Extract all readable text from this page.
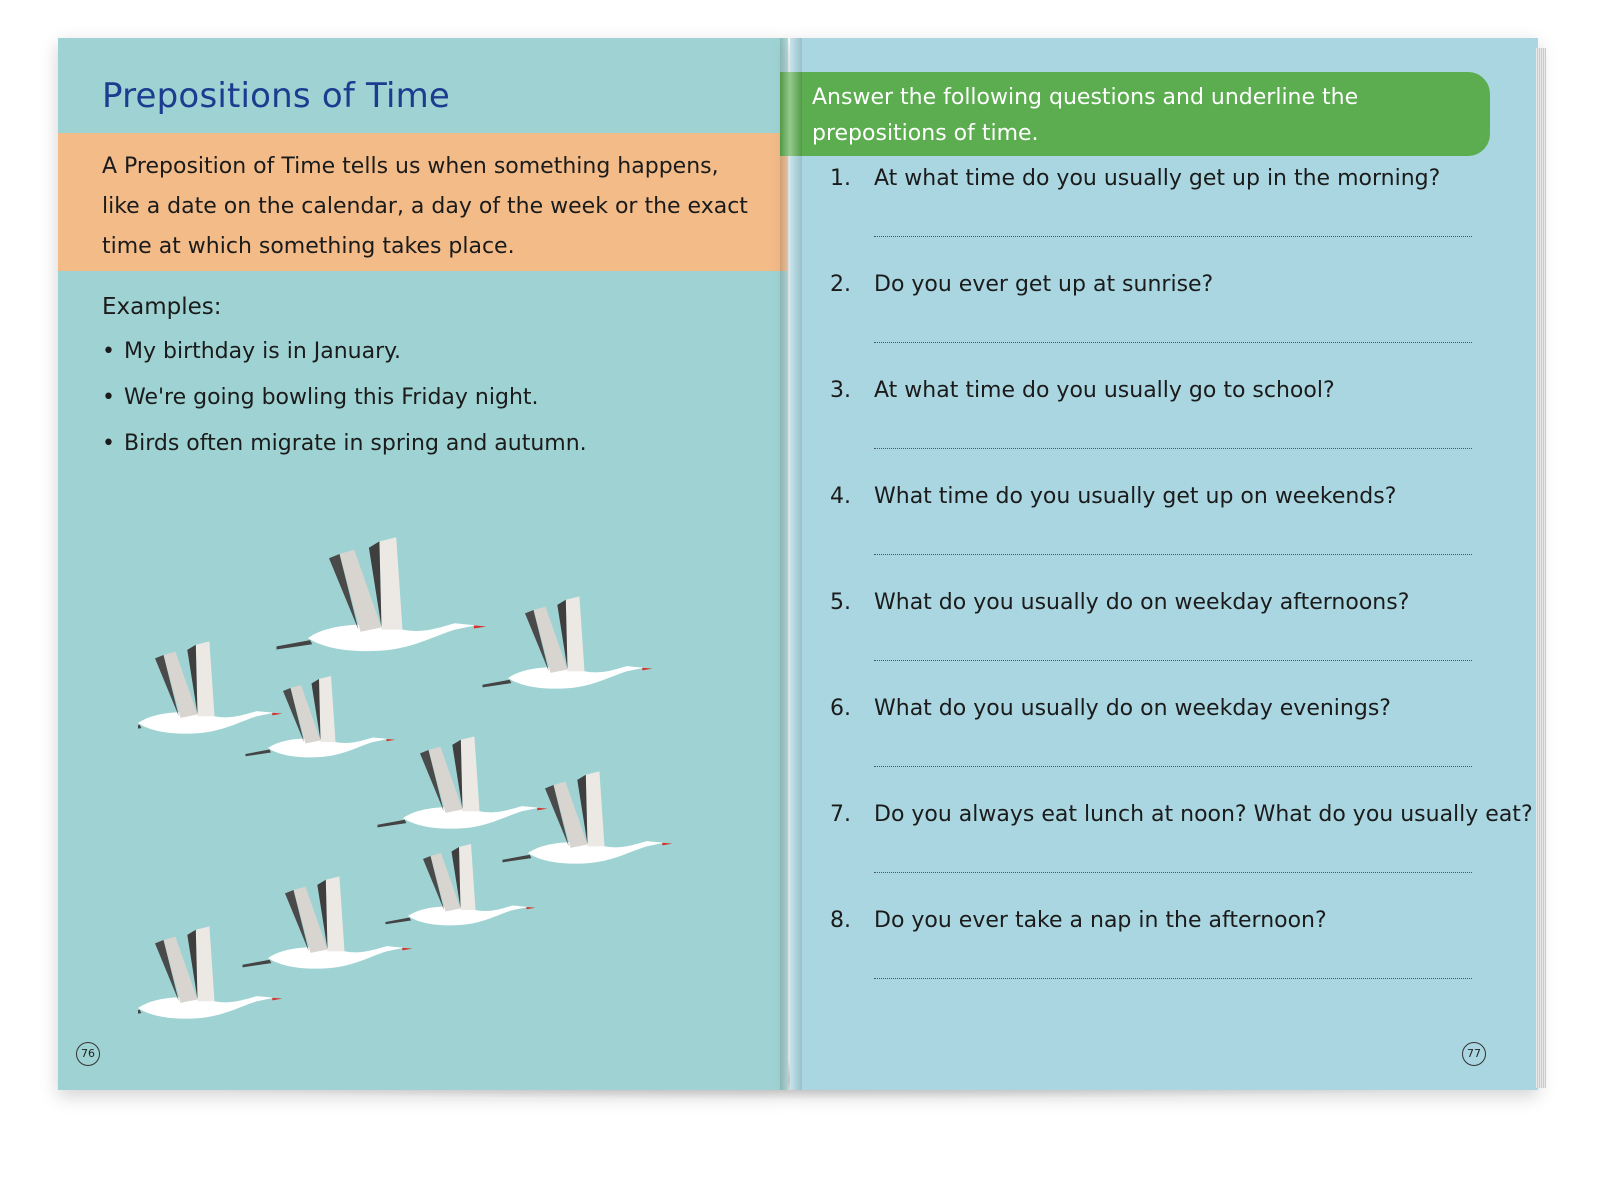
Prepositions of Time

A Preposition of Time tells us when something happens, like a date on the calendar, a day of the week or the exact time at which something takes place.

Examples:
• My birthday is in January.
• We're going bowling this Friday night.
• Birds often migrate in spring and autumn.
76

Answer the following questions and underline the prepositions of time.

1. At what time do you usually get up in the morning?
2. Do you ever get up at sunrise?
3. At what time do you usually go to school?
4. What time do you usually get up on weekends?
5. What do you usually do on weekday afternoons?
6. What do you usually do on weekday evenings?
7. Do you always eat lunch at noon? What do you usually eat?
8. Do you ever take a nap in the afternoon?
77
